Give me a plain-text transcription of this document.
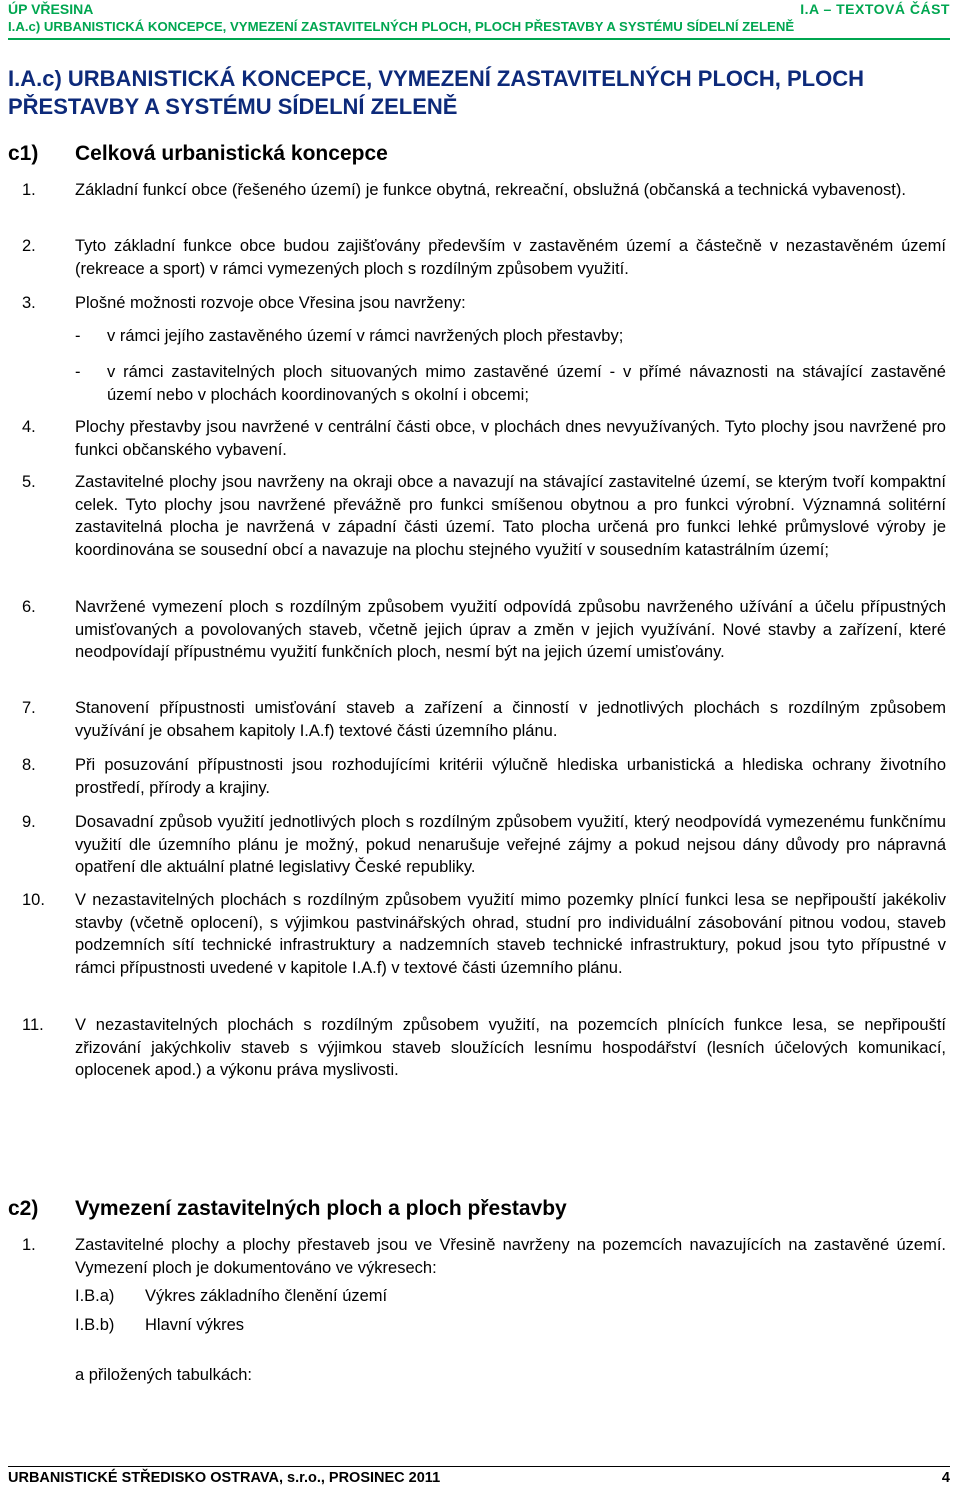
ÚP VŘESINA	I.A – TEXTOVÁ ČÁST
I.A.c) URBANISTICKÁ KONCEPCE, VYMEZENÍ ZASTAVITELNÝCH PLOCH, PLOCH PŘESTAVBY A SYSTÉMU SÍDELNÍ ZELENĚ
I.A.c) URBANISTICKÁ KONCEPCE, VYMEZENÍ ZASTAVITELNÝCH PLOCH, PLOCH PŘESTAVBY A SYSTÉMU SÍDELNÍ ZELENĚ
c1) Celková urbanistická koncepce
1. Základní funkcí obce (řešeného území) je funkce obytná, rekreační, obslužná (občanská a technická vybavenost).
2. Tyto základní funkce obce budou zajišťovány především v zastavěném území a částečně v nezastavěném území (rekreace a sport) v rámci vymezených ploch s rozdílným způsobem využití.
3. Plošné možnosti rozvoje obce Vřesina jsou navrženy:
- v rámci jejího zastavěného území v rámci navržených ploch přestavby;
- v rámci zastavitelných ploch situovaných mimo zastavěné území - v přímé návaznosti na stávající zastavěné území nebo v plochách koordinovaných s okolní i obcemi;
4. Plochy přestavby jsou navržené v centrální části obce, v plochách dnes nevyužívaných. Tyto plochy jsou navržené pro funkci občanského vybavení.
5. Zastavitelné plochy jsou navrženy na okraji obce a navazují na stávající zastavitelné území, se kterým tvoří kompaktní celek. Tyto plochy jsou navržené převážně pro funkci smíšenou obytnou a pro funkci výrobní. Významná solitérní zastavitelná plocha je navržená v západní části území. Tato plocha určená pro funkci lehké průmyslové výroby je koordinována se sousední obcí a navazuje na plochu stejného využití v sousedním katastrálním území;
6. Navržené vymezení ploch s rozdílným způsobem využití odpovídá způsobu navrženého užívání a účelu přípustných umisťovaných a povolovaných staveb, včetně jejich úprav a změn v jejich využívání. Nové stavby a zařízení, které neodpovídají přípustnému využití funkčních ploch, nesmí být na jejich území umisťovány.
7. Stanovení přípustnosti umisťování staveb a zařízení a činností v jednotlivých plochách s rozdílným způsobem využívání je obsahem kapitoly I.A.f) textové části územního plánu.
8. Při posuzování přípustnosti jsou rozhodujícími kritérii výlučně hlediska urbanistická a hlediska ochrany životního prostředí, přírody a krajiny.
9. Dosavadní způsob využití jednotlivých ploch s rozdílným způsobem využití, který neodpovídá vymezenému funkčnímu využití dle územního plánu je možný, pokud nenarušuje veřejné zájmy a pokud nejsou dány důvody pro nápravná opatření dle aktuální platné legislativy České republiky.
10. V nezastavitelných plochách s rozdílným způsobem využití mimo pozemky plnící funkci lesa se nepřipouští jakékoliv stavby (včetně oplocení), s výjimkou pastvinářských ohrad, studní pro individuální zásobování pitnou vodou, staveb podzemních sítí technické infrastruktury a nadzemních staveb technické infrastruktury, pokud jsou tyto přípustné v rámci přípustnosti uvedené v kapitole I.A.f) v textové části územního plánu.
11. V nezastavitelných plochách s rozdílným způsobem využití, na pozemcích plnících funkce lesa, se nepřipouští zřizování jakýchkoliv staveb s výjimkou staveb sloužících lesnímu hospodářství (lesních účelových komunikací, oplocenek apod.) a výkonu práva myslivosti.
c2) Vymezení zastavitelných ploch a ploch přestavby
1. Zastavitelné plochy a plochy přestaveb jsou ve Vřesině navrženy na pozemcích navazujících na zastavěné území. Vymezení ploch je dokumentováno ve výkresech:
I.B.a) Výkres základního členění území
I.B.b) Hlavní výkres
a přiložených tabulkách:
URBANISTICKÉ STŘEDISKO OSTRAVA, s.r.o., PROSINEC 2011	4
